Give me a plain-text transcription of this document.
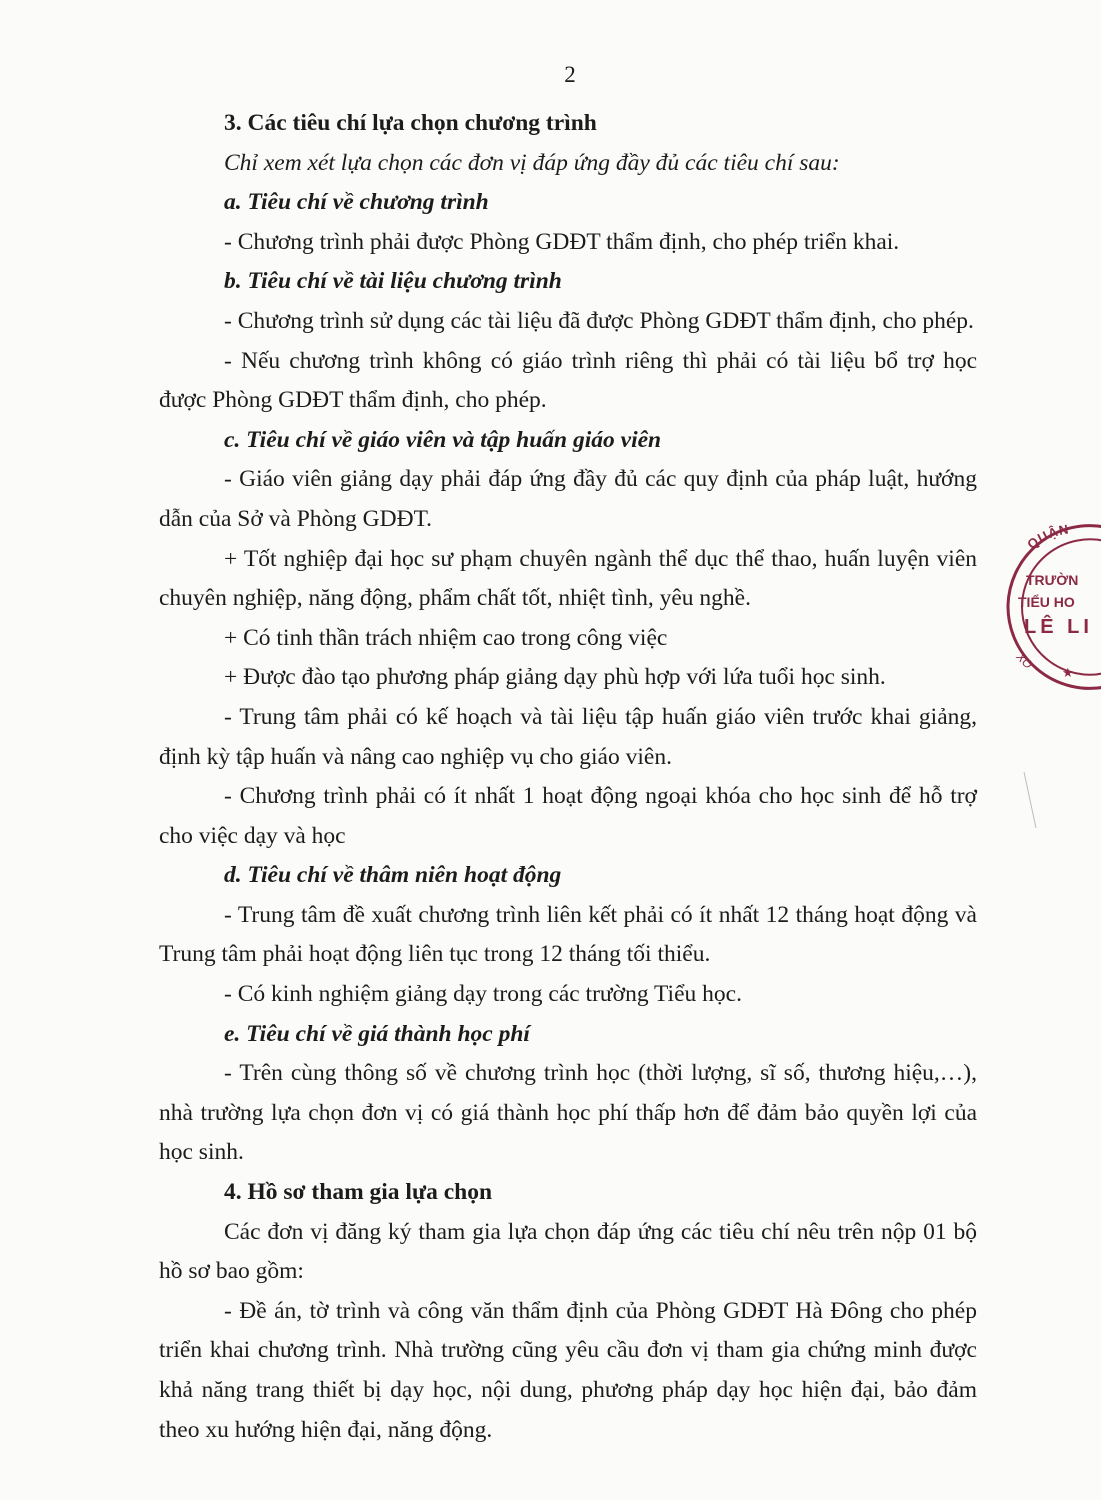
2

3. Các tiêu chí lựa chọn chương trình

Chỉ xem xét lựa chọn các đơn vị đáp ứng đầy đủ các tiêu chí sau:

a. Tiêu chí về chương trình

- Chương trình phải được Phòng GDĐT thẩm định, cho phép triển khai.

b. Tiêu chí về tài liệu chương trình

- Chương trình sử dụng các tài liệu đã được Phòng GDĐT thẩm định, cho phép.

- Nếu chương trình không có giáo trình riêng thì phải có tài liệu bổ trợ học được Phòng GDĐT thẩm định, cho phép.

c. Tiêu chí về giáo viên và tập huấn giáo viên

- Giáo viên giảng dạy phải đáp ứng đầy đủ các quy định của pháp luật, hướng dẫn của Sở và Phòng GDĐT.

+ Tốt nghiệp đại học sư phạm chuyên ngành thể dục thể thao, huấn luyện viên chuyên nghiệp, năng động, phẩm chất tốt, nhiệt tình, yêu nghề.

+ Có tinh thần trách nhiệm cao trong công việc

+ Được đào tạo phương pháp giảng dạy phù hợp với lứa tuổi học sinh.

- Trung tâm phải có kế hoạch và tài liệu tập huấn giáo viên trước khai giảng, định kỳ tập huấn và nâng cao nghiệp vụ cho giáo viên.

- Chương trình phải có ít nhất 1 hoạt động ngoại khóa cho học sinh để hỗ trợ cho việc dạy và học

d. Tiêu chí về thâm niên hoạt động

- Trung tâm đề xuất chương trình liên kết phải có ít nhất 12 tháng hoạt động và Trung tâm phải hoạt động liên tục trong 12 tháng tối thiểu.

- Có kinh nghiệm giảng dạy trong các trường Tiểu học.

e. Tiêu chí về giá thành học phí

- Trên cùng thông số về chương trình học (thời lượng, sĩ số, thương hiệu,…), nhà trường lựa chọn đơn vị có giá thành học phí thấp hơn để đảm bảo quyền lợi của học sinh.

4. Hồ sơ tham gia lựa chọn

Các đơn vị đăng ký tham gia lựa chọn đáp ứng các tiêu chí nêu trên nộp 01 bộ hồ sơ bao gồm:

- Đề án, tờ trình và công văn thẩm định của Phòng GDĐT Hà Đông cho phép triển khai chương trình. Nhà trường cũng yêu cầu đơn vị tham gia chứng minh được khả năng trang thiết bị dạy học, nội dung, phương pháp dạy học hiện đại, bảo đảm theo xu hướng hiện đại, năng động.

QUẬN
TRƯỜN
TIỂU HO
LÊ LI
XO
★
